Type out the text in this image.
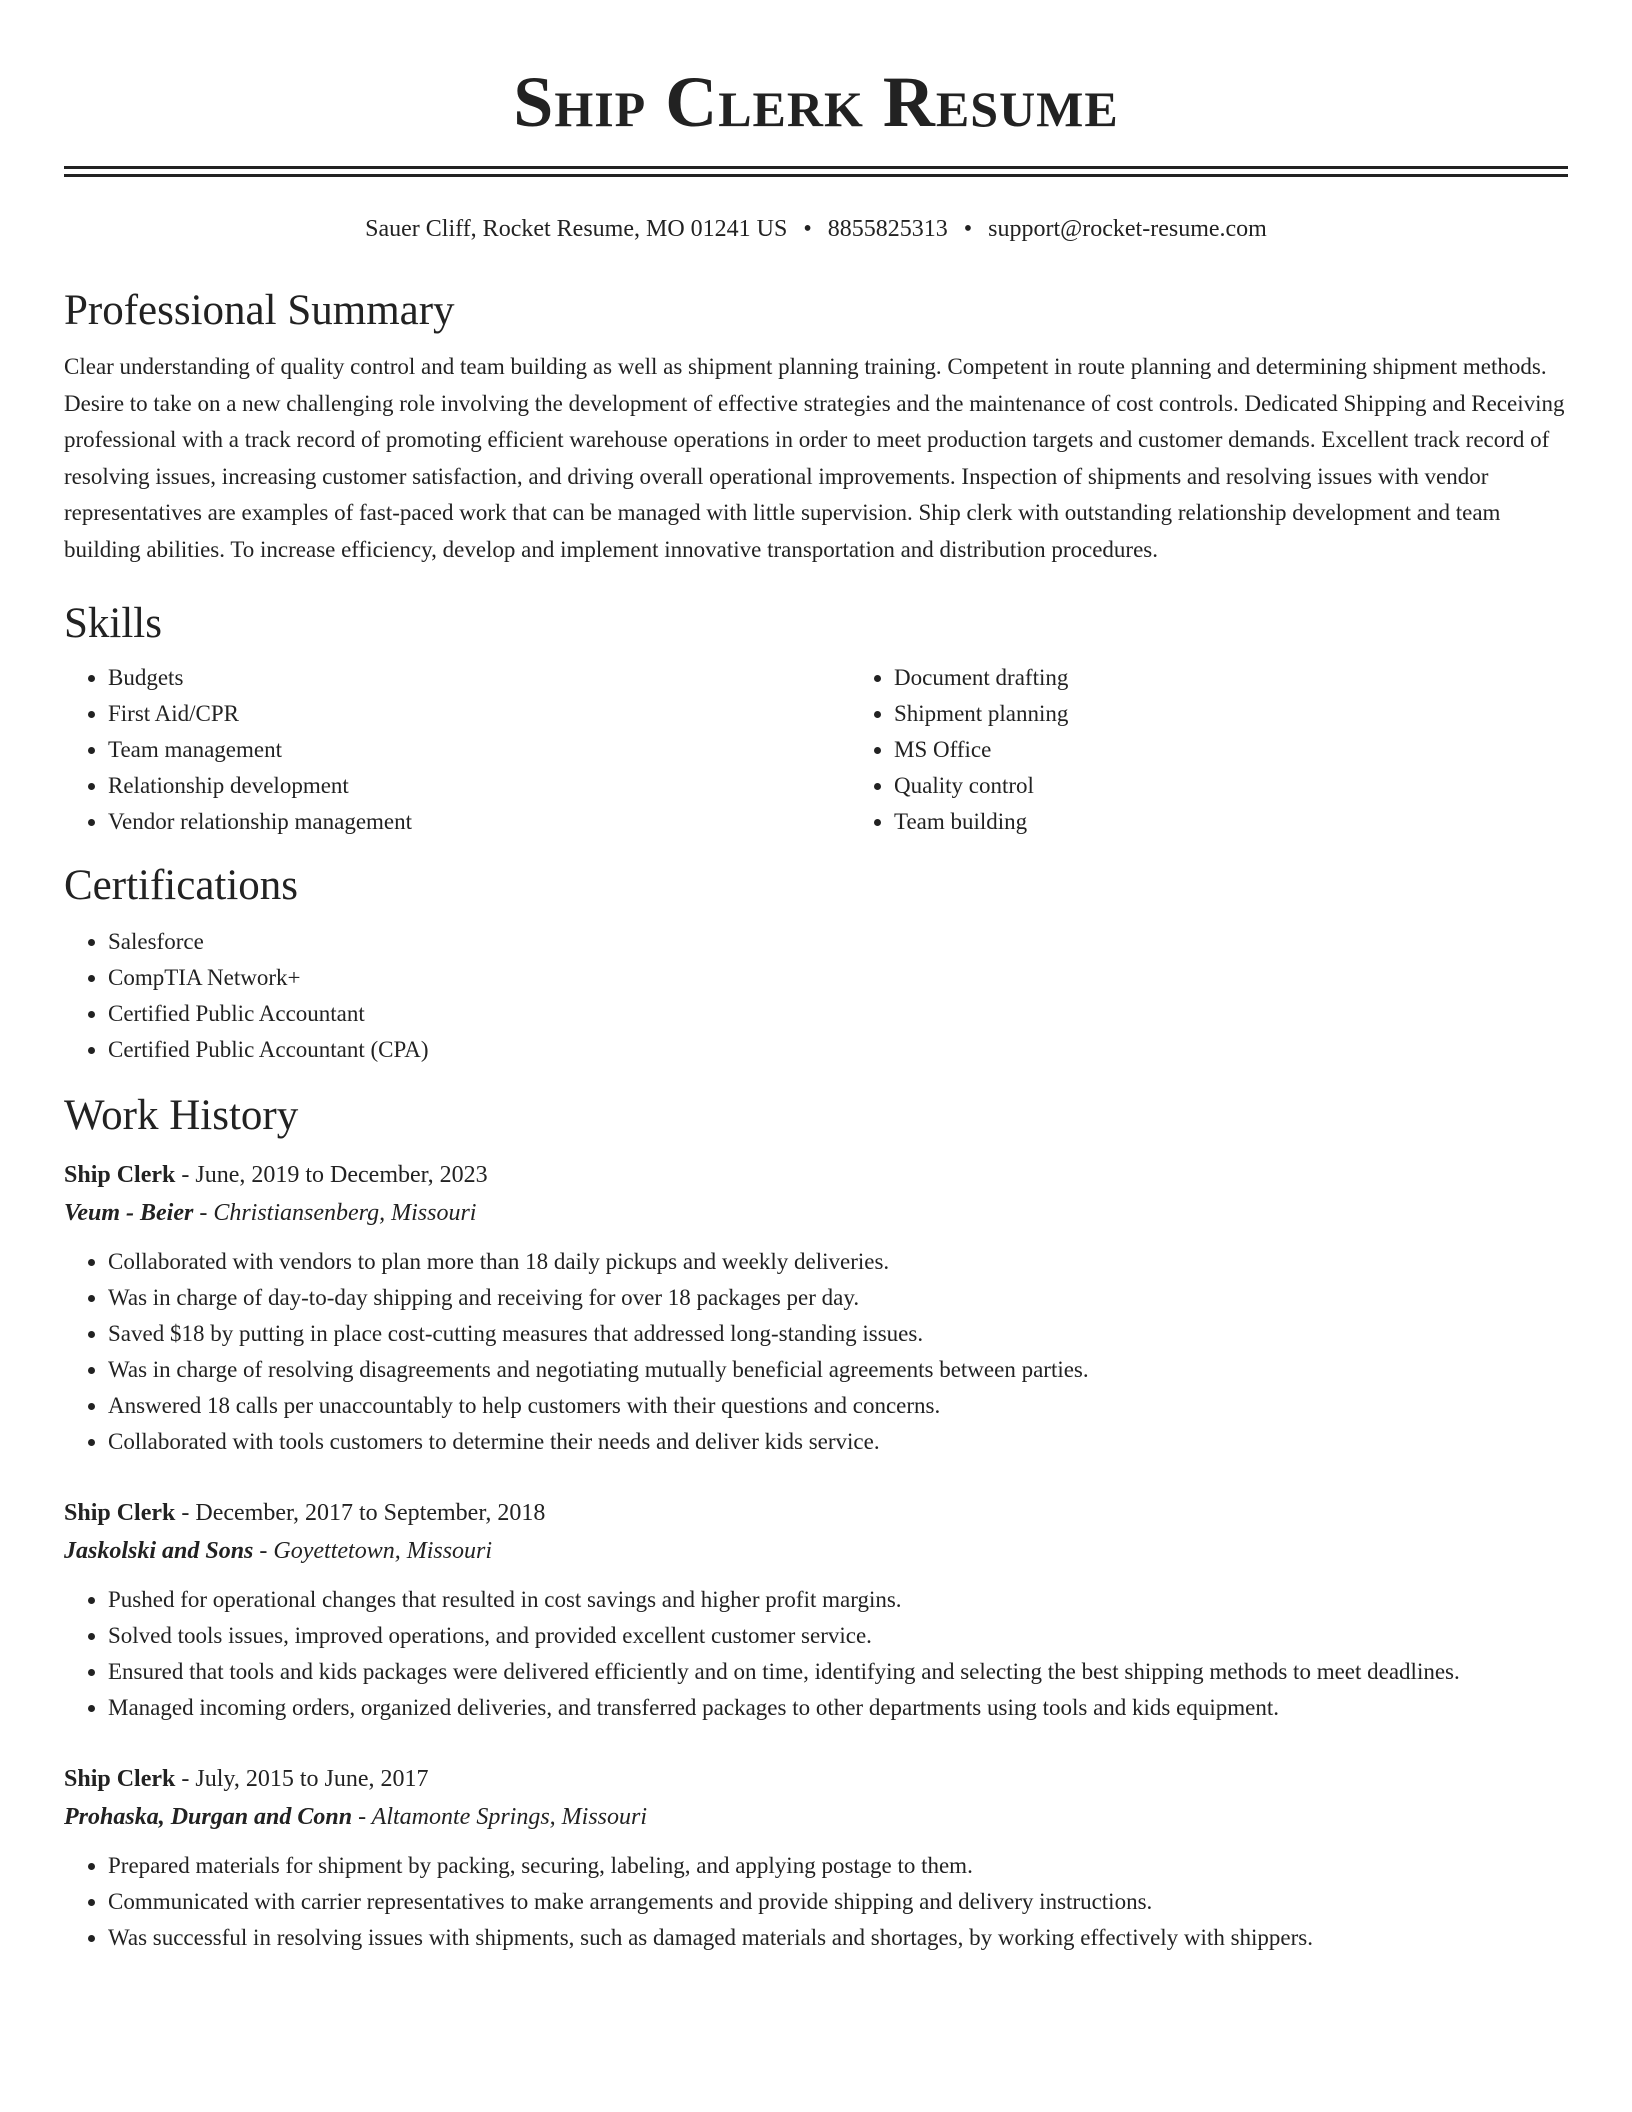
Ship Clerk Resume
Sauer Cliff, Rocket Resume, MO 01241 US • 8855825313 • support@rocket-resume.com
Professional Summary

Clear understanding of quality control and team building as well as shipment planning training. Competent in route planning and determining shipment methods. Desire to take on a new challenging role involving the development of effective strategies and the maintenance of cost controls. Dedicated Shipping and Receiving professional with a track record of promoting efficient warehouse operations in order to meet production targets and customer demands. Excellent track record of resolving issues, increasing customer satisfaction, and driving overall operational improvements. Inspection of shipments and resolving issues with vendor representatives are examples of fast-paced work that can be managed with little supervision. Ship clerk with outstanding relationship development and team building abilities. To increase efficiency, develop and implement innovative transportation and distribution procedures.

Skills
• Budgets
• First Aid/CPR
• Team management
• Relationship development
• Vendor relationship management
• Document drafting
• Shipment planning
• MS Office
• Quality control
• Team building
Certifications
• Salesforce
• CompTIA Network+
• Certified Public Accountant
• Certified Public Accountant (CPA)
Work History
Ship Clerk - June, 2019 to December, 2023
Veum - Beier - Christiansenberg, Missouri
• Collaborated with vendors to plan more than 18 daily pickups and weekly deliveries.
• Was in charge of day-to-day shipping and receiving for over 18 packages per day.
• Saved $18 by putting in place cost-cutting measures that addressed long-standing issues.
• Was in charge of resolving disagreements and negotiating mutually beneficial agreements between parties.
• Answered 18 calls per unaccountably to help customers with their questions and concerns.
• Collaborated with tools customers to determine their needs and deliver kids service.
Ship Clerk - December, 2017 to September, 2018
Jaskolski and Sons - Goyettetown, Missouri
• Pushed for operational changes that resulted in cost savings and higher profit margins.
• Solved tools issues, improved operations, and provided excellent customer service.
• Ensured that tools and kids packages were delivered efficiently and on time, identifying and selecting the best shipping methods to meet deadlines.
• Managed incoming orders, organized deliveries, and transferred packages to other departments using tools and kids equipment.
Ship Clerk - July, 2015 to June, 2017
Prohaska, Durgan and Conn - Altamonte Springs, Missouri
• Prepared materials for shipment by packing, securing, labeling, and applying postage to them.
• Communicated with carrier representatives to make arrangements and provide shipping and delivery instructions.
• Was successful in resolving issues with shipments, such as damaged materials and shortages, by working effectively with shippers.
